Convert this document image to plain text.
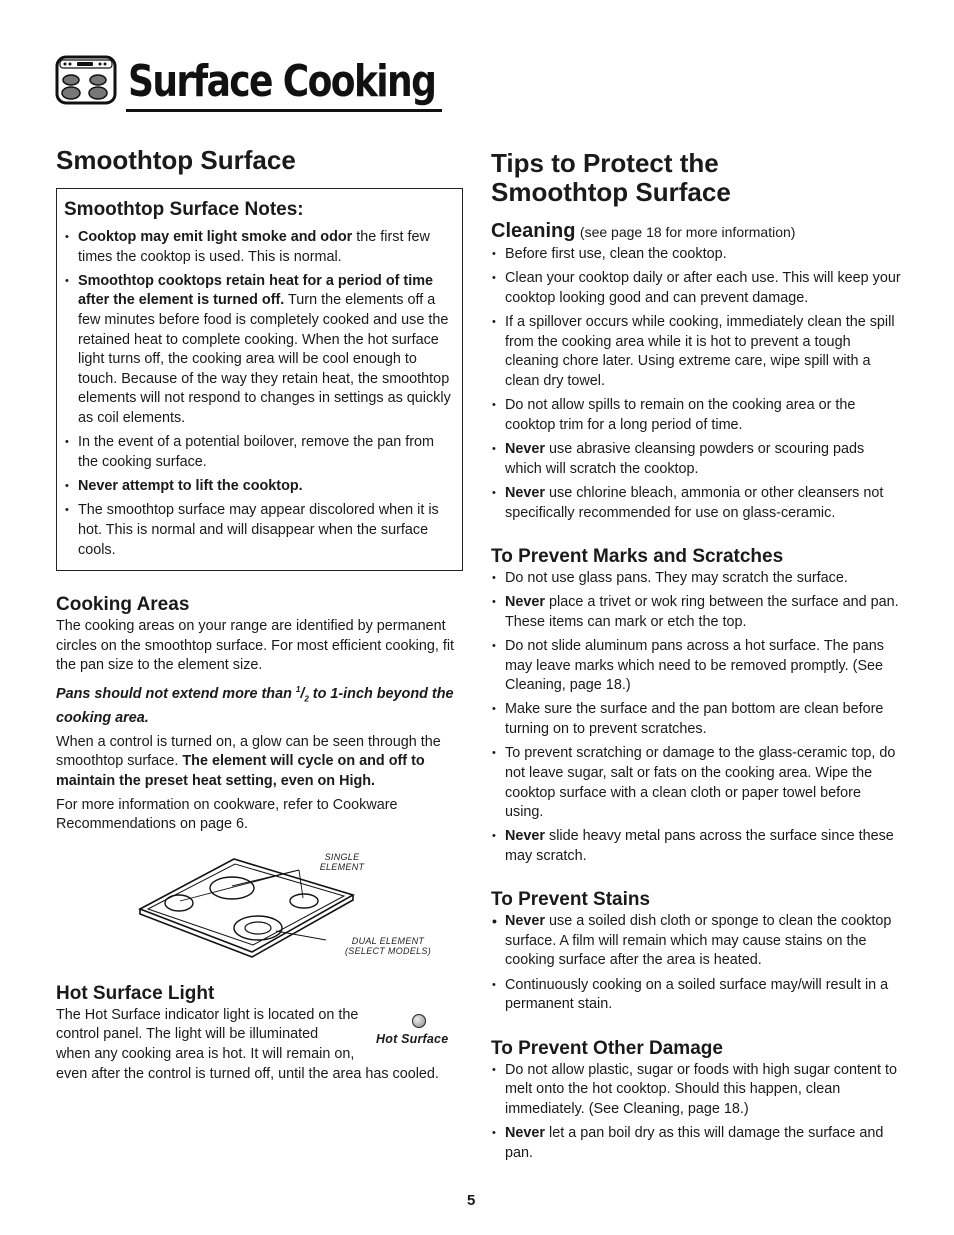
Surface Cooking
Smoothtop Surface
Smoothtop Surface Notes:
• Cooktop may emit light smoke and odor the first few times the cooktop is used. This is normal.
• Smoothtop cooktops retain heat for a period of time after the element is turned off. Turn the elements off a few minutes before food is completely cooked and use the retained heat to complete cooking. When the hot surface light turns off, the cooking area will be cool enough to touch. Because of the way they retain heat, the smoothtop elements will not respond to changes in settings as quickly as coil elements.
• In the event of a potential boilover, remove the pan from the cooking surface.
• Never attempt to lift the cooktop.
• The smoothtop surface may appear discolored when it is hot. This is normal and will disappear when the surface cools.
Cooking Areas

The cooking areas on your range are identified by permanent circles on the smoothtop surface. For most efficient cooking, fit the pan size to the element size.

Pans should not extend more than $^1/_2$ to 1-inch beyond the cooking area.

When a control is turned on, a glow can be seen through the smoothtop surface. The element will cycle on and off to maintain the preset heat setting, even on High.

For more information on cookware, refer to Cookware Recommendations on page 6.

SINGLE
ELEMENT
DUAL ELEMENT
(SELECT MODELS)
Hot Surface Light

The Hot Surface indicator light is located on the

control panel. The light will be illuminated

when any cooking area is hot. It will remain on,

even after the control is turned off, until the area has cooled.

Hot Surface
Tips to Protect the
Smoothtop Surface
Cleaning (see page 18 for more information)
• Before first use, clean the cooktop.
• Clean your cooktop daily or after each use. This will keep your cooktop looking good and can prevent damage.
• If a spillover occurs while cooking, immediately clean the spill from the cooking area while it is hot to prevent a tough cleaning chore later. Using extreme care, wipe spill with a clean dry towel.
• Do not allow spills to remain on the cooking area or the cooktop trim for a long period of time.
• Never use abrasive cleansing powders or scouring pads which will scratch the cooktop.
• Never use chlorine bleach, ammonia or other cleansers not specifically recommended for use on glass-ceramic.
To Prevent Marks and Scratches
• Do not use glass pans. They may scratch the surface.
• Never place a trivet or wok ring between the surface and pan. These items can mark or etch the top.
• Do not slide aluminum pans across a hot surface. The pans may leave marks which need to be removed promptly. (See Cleaning, page 18.)
• Make sure the surface and the pan bottom are clean before turning on to prevent scratches.
• To prevent scratching or damage to the glass-ceramic top, do not leave sugar, salt or fats on the cooking area. Wipe the cooktop surface with a clean cloth or paper towel before using.
• Never slide heavy metal pans across the surface since these may scratch.
To Prevent Stains
• Never use a soiled dish cloth or sponge to clean the cooktop surface. A film will remain which may cause stains on the cooking surface after the area is heated.
• Continuously cooking on a soiled surface may/will result in a permanent stain.
To Prevent Other Damage
• Do not allow plastic, sugar or foods with high sugar content to melt onto the hot cooktop. Should this happen, clean immediately. (See Cleaning, page 18.)
• Never let a pan boil dry as this will damage the surface and pan.
5
